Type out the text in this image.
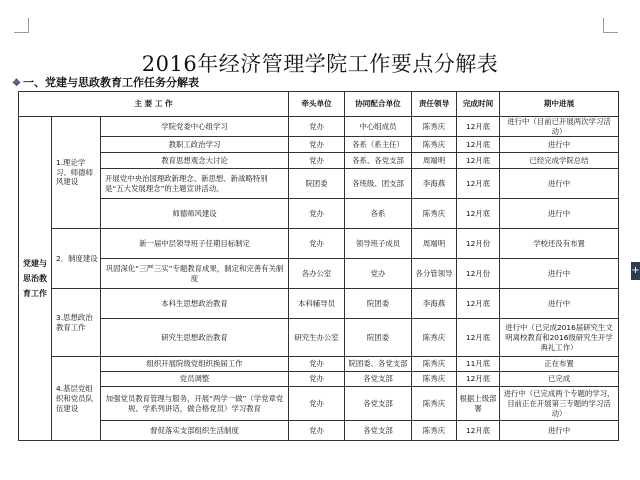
2016年经济管理学院工作要点分解表
❖ 一、党建与思政教育工作任务分解表
+
主 要 工 作			牵头单位	协同配合单位	责任领导	完成时间	期中进展
党建与思治教育工作	1.理论学习、师德师风建设	学院党委中心组学习	党办	中心组成员	陈秀庆	12月底	进行中（目前已开展两次学习活动）
		教职工政治学习	党办	各系（系主任）	陈秀庆	12月底	进行中
		教育思想观念大讨论	党办	各系、各党支部	周端明	12月底	已经完成学院总结
		开展党中央治国理政新理念、新思想、新战略特别是“五大发展理念”的主题宣讲活动。	院团委	各班级、团支部	李海燕	12月底	进行中
		师德师风建设	党办	各系	陈秀庆	12月底	进行中
	2．制度建设	新一届中层领导班子任期目标制定	党办	领导班子成员	周端明	12月份	学校还没有布置
		巩固深化“三严三实”专题教育成果，制定和完善有关制度	各办公室	党办	各分管领导	12月份	进行中
	3.思想政治教育工作	本科生思想政治教育	本科辅导员	院团委	李海燕	12月底	进行中
		研究生思想政治教育	研究生办公室	院团委	陈秀庆	12月底	进行中（已完成2016届研究生文明离校教育和2016级研究生开学典礼工作）
	4.基层党组织和党员队伍建设	组织开展院级党组织换届工作	党办	院团委、各党支部	陈秀庆	11月底	正在布置
		党员调整	党办	各党支部	陈秀庆	12月底	已完成
		加强党员教育管理与服务，开展“两学一做”（学党章党规、学系列讲话，做合格党员）学习教育	党办	各党支部	陈秀庆	根据上级部署	进行中（已完成两个专题的学习，目前正在开展第三专题的学习活动）
		督促落实支部组织生活制度	党办	各党支部	陈秀庆	12月底	进行中
